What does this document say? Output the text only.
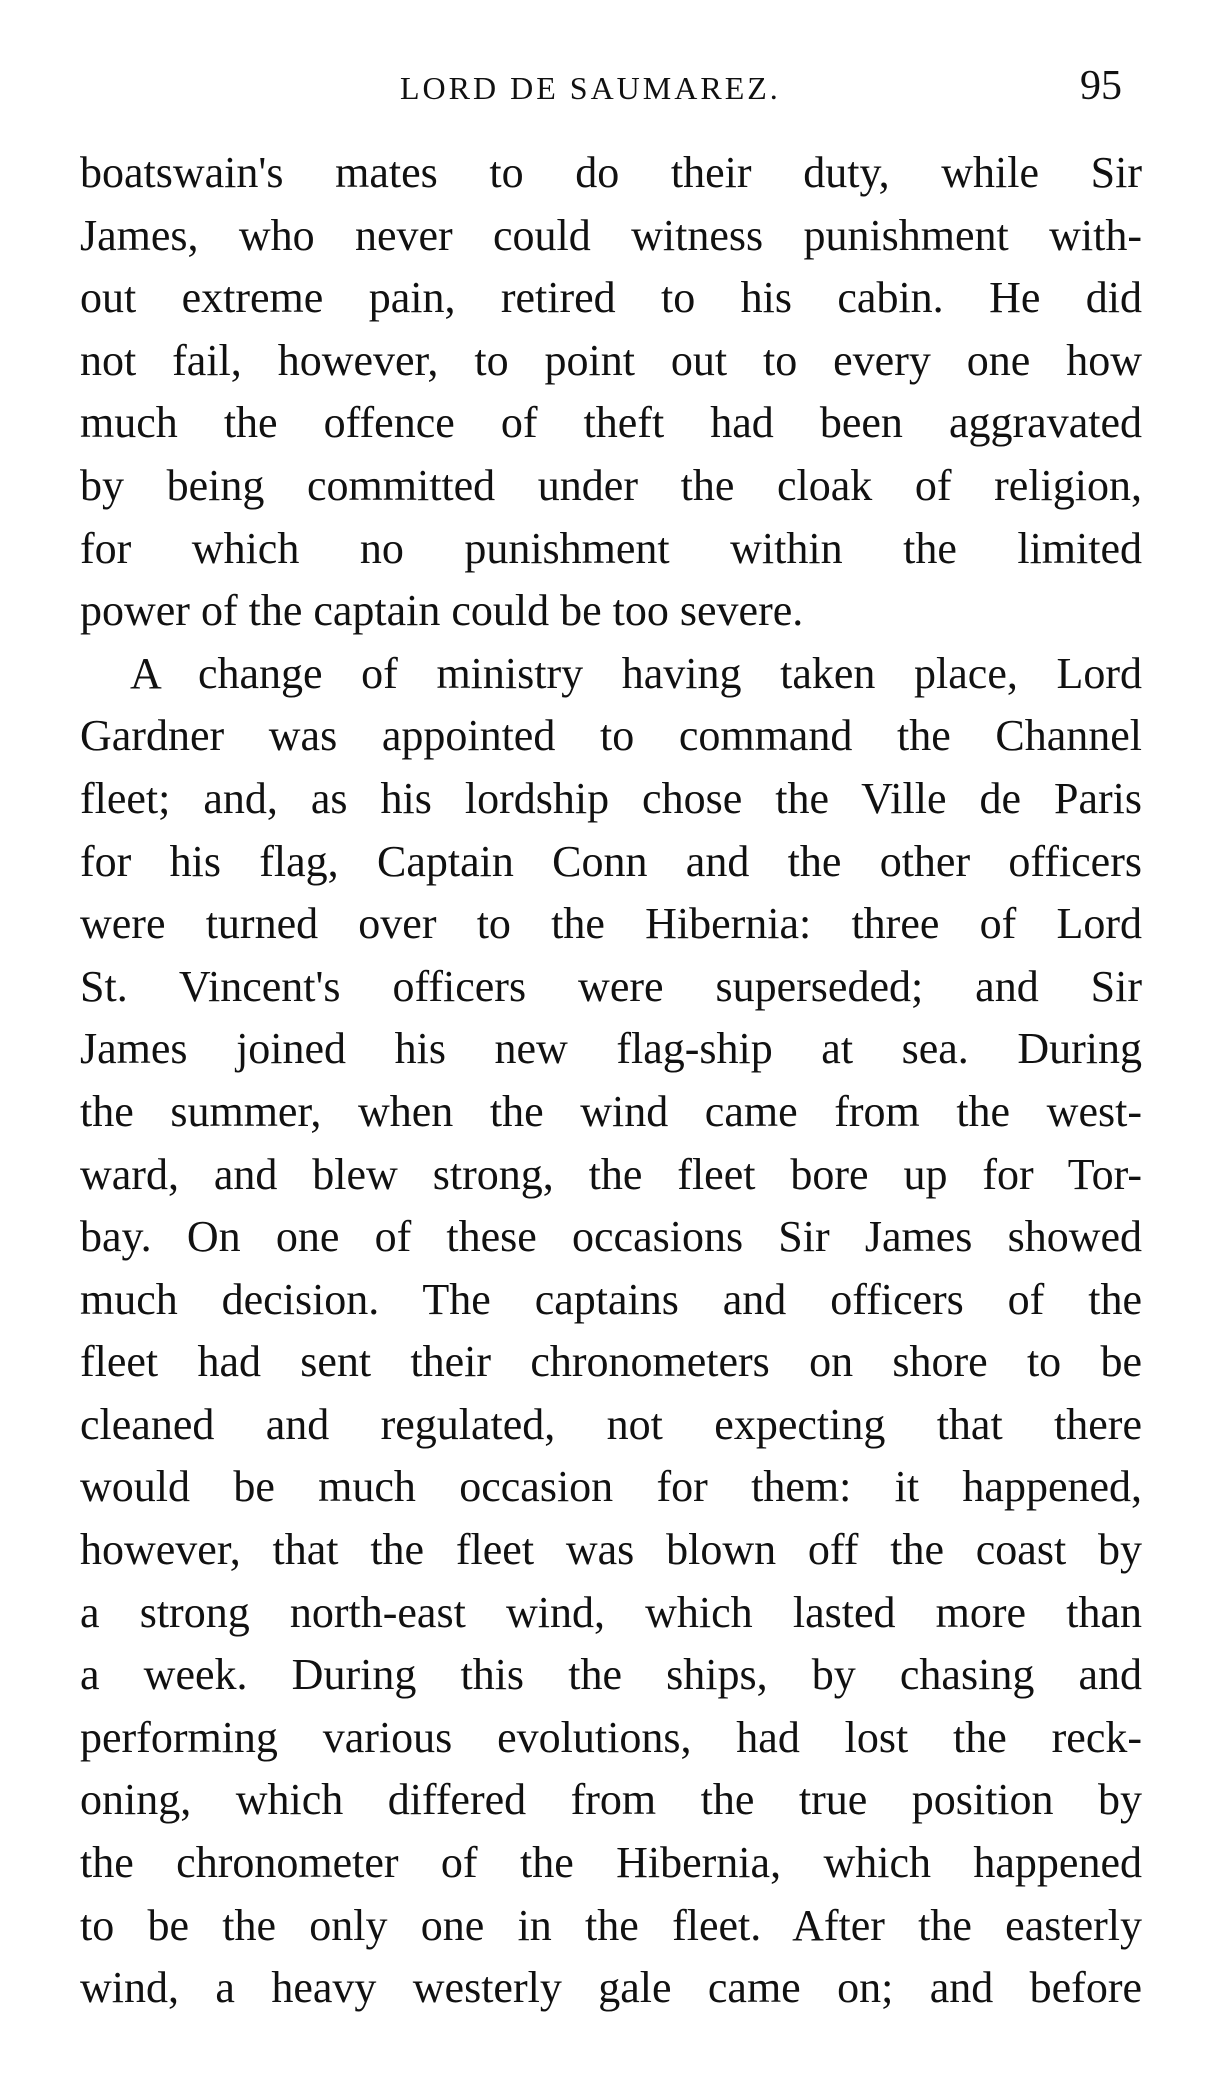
LORD DE SAUMAREZ.	95
boatswain's mates to do their duty, while Sir
James, who never could witness punishment with-
out extreme pain, retired to his cabin. He did
not fail, however, to point out to every one how
much the offence of theft had been aggravated
by being committed under the cloak of religion,
for which no punishment within the limited
power of the captain could be too severe.
A change of ministry having taken place, Lord
Gardner was appointed to command the Channel
fleet; and, as his lordship chose the Ville de Paris
for his flag, Captain Conn and the other officers
were turned over to the Hibernia: three of Lord
St. Vincent's officers were superseded; and Sir
James joined his new flag-ship at sea. During
the summer, when the wind came from the west-
ward, and blew strong, the fleet bore up for Tor-
bay. On one of these occasions Sir James showed
much decision. The captains and officers of the
fleet had sent their chronometers on shore to be
cleaned and regulated, not expecting that there
would be much occasion for them: it happened,
however, that the fleet was blown off the coast by
a strong north-east wind, which lasted more than
a week. During this the ships, by chasing and
performing various evolutions, had lost the reck-
oning, which differed from the true position by
the chronometer of the Hibernia, which happened
to be the only one in the fleet. After the easterly
wind, a heavy westerly gale came on; and before
